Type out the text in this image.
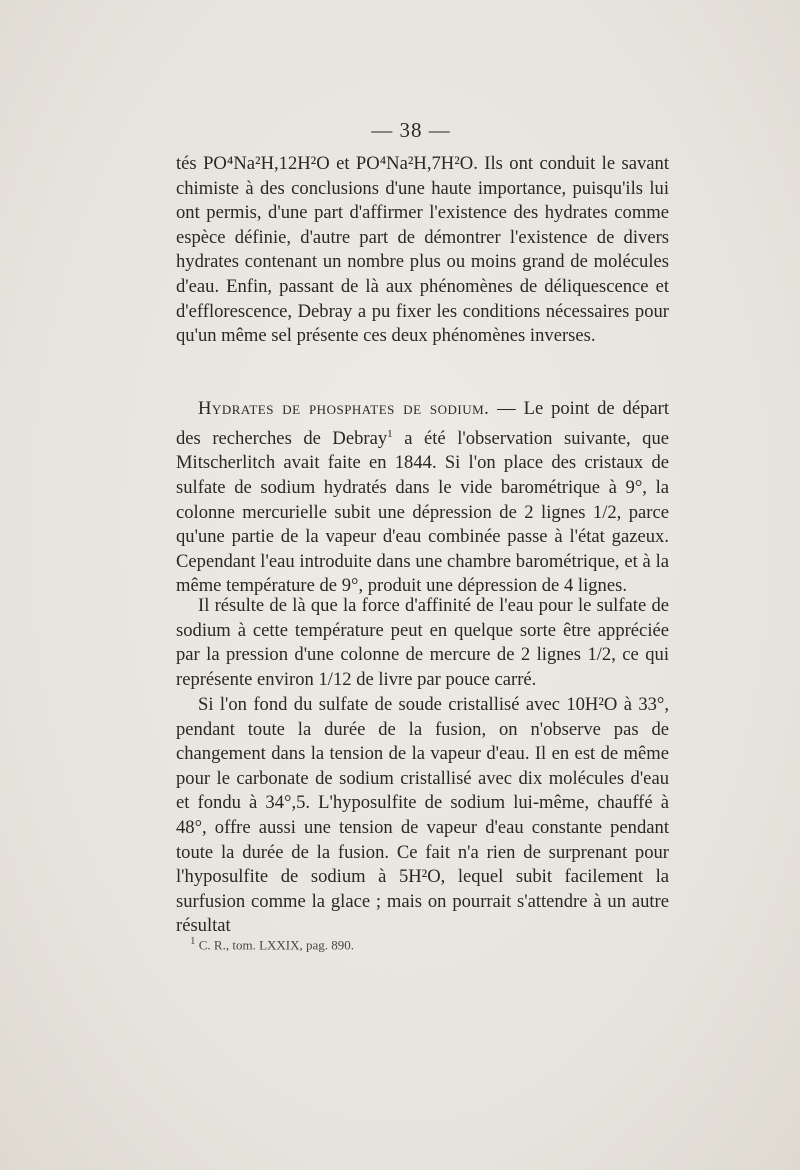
— 38 —

tés PO⁴Na²H,12H²O et PO⁴Na²H,7H²O. Ils ont conduit le savant chimiste à des conclusions d'une haute importance, puisqu'ils lui ont permis, d'une part d'affirmer l'existence des hydrates comme espèce définie, d'autre part de démontrer l'existence de divers hydrates contenant un nombre plus ou moins grand de molécules d'eau. Enfin, passant de là aux phénomènes de déliquescence et d'efflorescence, Debray a pu fixer les conditions nécessaires pour qu'un même sel présente ces deux phénomènes inverses.

Hydrates de phosphates de sodium. — Le point de départ des recherches de Debray$^1$ a été l'observation suivante, que Mitscherlitch avait faite en 1844. Si l'on place des cristaux de sulfate de sodium hydratés dans le vide barométrique à 9°, la colonne mercurielle subit une dépression de 2 lignes 1/2, parce qu'une partie de la vapeur d'eau combinée passe à l'état gazeux. Cependant l'eau introduite dans une chambre barométrique, et à la même température de 9°, produit une dépression de 4 lignes.

Il résulte de là que la force d'affinité de l'eau pour le sulfate de sodium à cette température peut en quelque sorte être appréciée par la pression d'une colonne de mercure de 2 lignes 1/2, ce qui représente environ 1/12 de livre par pouce carré.

Si l'on fond du sulfate de soude cristallisé avec 10H²O à 33°, pendant toute la durée de la fusion, on n'observe pas de changement dans la tension de la vapeur d'eau. Il en est de même pour le carbonate de sodium cristallisé avec dix molécules d'eau et fondu à 34°,5. L'hyposulfite de sodium lui-même, chauffé à 48°, offre aussi une tension de vapeur d'eau constante pendant toute la durée de la fusion. Ce fait n'a rien de surprenant pour l'hyposulfite de sodium à 5H²O, lequel subit facilement la surfusion comme la glace ; mais on pourrait s'attendre à un autre résultat

$^1$ C. R., tom. LXXIX, pag. 890.
